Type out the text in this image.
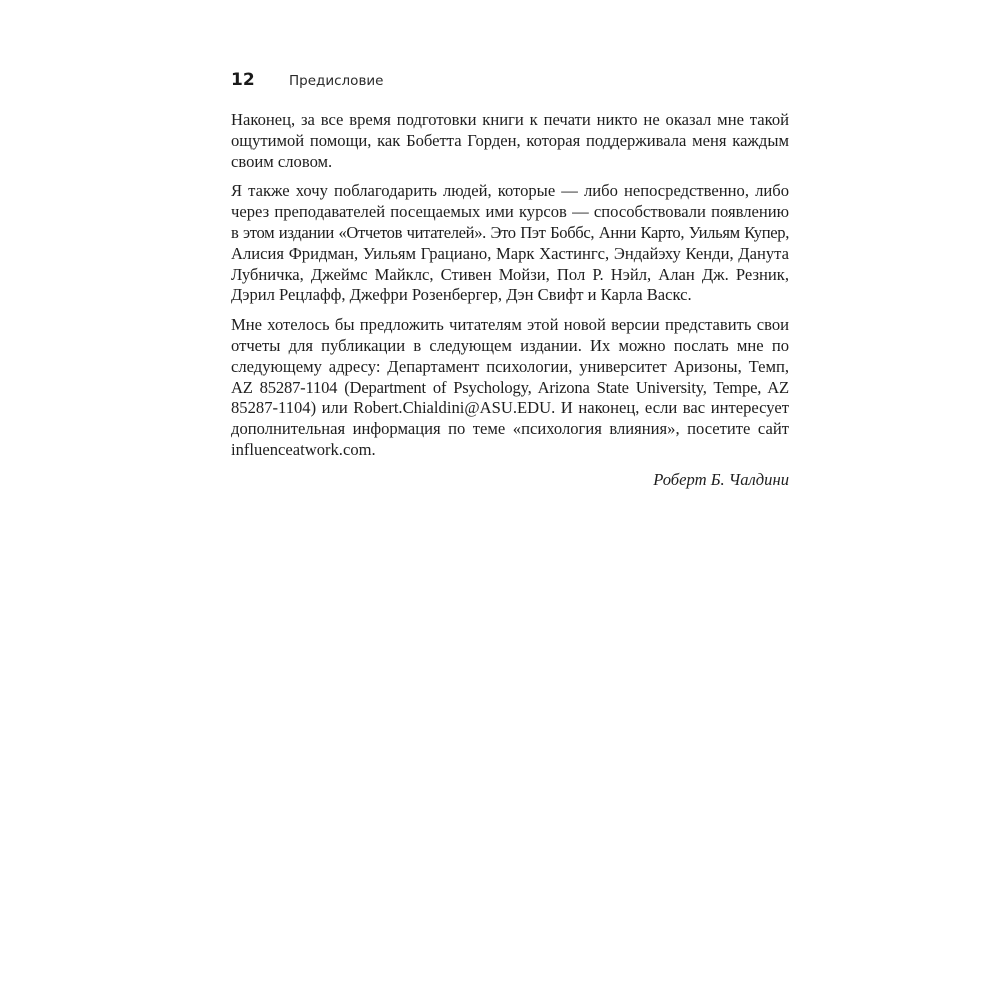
12	Предисловие

Наконец, за все время подготовки книги к печати никто не оказал мне такой
ощутимой помощи, как Бобетта Горден, которая поддерживала меня каждым
своим словом.

Я также хочу поблагодарить людей, которые — либо непосредственно, либо
через преподавателей посещаемых ими курсов — способствовали появлению
в этом издании «Отчетов читателей». Это Пэт Боббс, Анни Карто, Уильям Купер,
Алисия Фридман, Уильям Грациано, Марк Хастингс, Эндайэху Кенди, Данута
Лубничка, Джеймс Майклс, Стивен Мойзи, Пол Р. Нэйл, Алан Дж. Резник,
Дэрил Рецлафф, Джефри Розенбергер, Дэн Свифт и Карла Васкс.

Мне хотелось бы предложить читателям этой новой версии представить свои
отчеты для публикации в следующем издании. Их можно послать мне по
следующему адресу: Департамент психологии, университет Аризоны, Темп,
AZ 85287-1104 (Department of Psychology, Arizona State University, Tempe, AZ
85287-1104) или Robert.Chialdini@ASU.EDU. И наконец, если вас интересует
дополнительная информация по теме «психология влияния», посетите сайт
influenceatwork.com.

Роберт Б. Чалдини
